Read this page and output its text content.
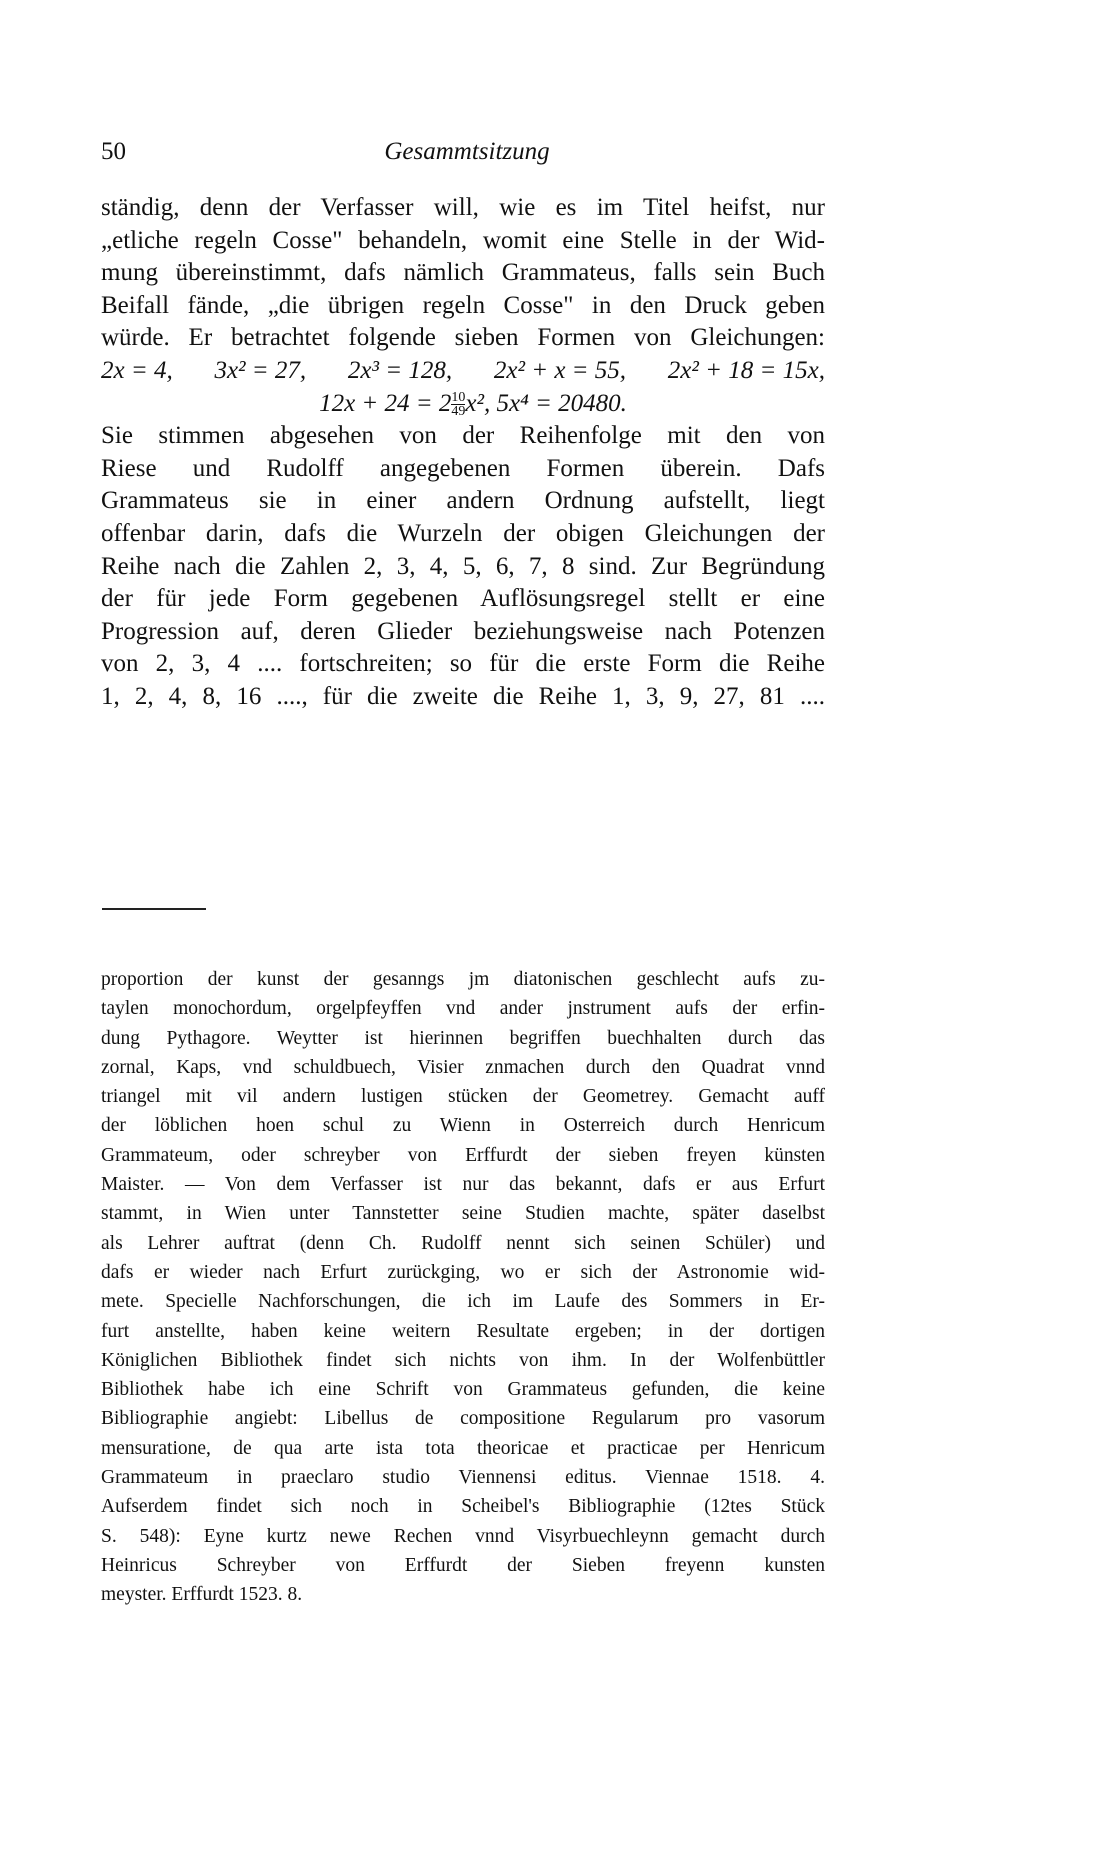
50	Gesammtsitzung
ständig, denn der Verfasser will, wie es im Titel heifst, nur
„etliche regeln Cosse" behandeln, womit eine Stelle in der Wid-
mung übereinstimmt, dafs nämlich Grammateus, falls sein Buch
Beifall fände, „die übrigen regeln Cosse" in den Druck geben
würde. Er betrachtet folgende sieben Formen von Gleichungen:
2x = 4, 3x² = 27, 2x³ = 128, 2x² + x = 55, 2x² + 18 = 15x,
$12x + 24 = 2 \frac{10}{49} x^2$, 5x⁴ = 20480.
Sie stimmen abgesehen von der Reihenfolge mit den von
Riese und Rudolff angegebenen Formen überein. Dafs
Grammateus sie in einer andern Ordnung aufstellt, liegt
offenbar darin, dafs die Wurzeln der obigen Gleichungen der
Reihe nach die Zahlen 2, 3, 4, 5, 6, 7, 8 sind. Zur Begründung
der für jede Form gegebenen Auflösungsregel stellt er eine
Progression auf, deren Glieder beziehungsweise nach Potenzen
von 2, 3, 4 .... fortschreiten; so für die erste Form die Reihe
1, 2, 4, 8, 16 ...., für die zweite die Reihe 1, 3, 9, 27, 81 ....
proportion der kunst der gesanngs jm diatonischen geschlecht aufs zu-
taylen monochordum, orgelpfeyffen vnd ander jnstrument aufs der erfin-
dung Pythagore. Weytter ist hierinnen begriffen buechhalten durch das
zornal, Kaps, vnd schuldbuech, Visier znmachen durch den Quadrat vnnd
triangel mit vil andern lustigen stücken der Geometrey. Gemacht auff
der löblichen hoen schul zu Wienn in Osterreich durch Henricum
Grammateum, oder schreyber von Erffurdt der sieben freyen künsten
Maister. — Von dem Verfasser ist nur das bekannt, dafs er aus Erfurt
stammt, in Wien unter Tannstetter seine Studien machte, später daselbst
als Lehrer auftrat (denn Ch. Rudolff nennt sich seinen Schüler) und
dafs er wieder nach Erfurt zurückging, wo er sich der Astronomie wid-
mete. Specielle Nachforschungen, die ich im Laufe des Sommers in Er-
furt anstellte, haben keine weitern Resultate ergeben; in der dortigen
Königlichen Bibliothek findet sich nichts von ihm. In der Wolfenbüttler
Bibliothek habe ich eine Schrift von Grammateus gefunden, die keine
Bibliographie angiebt: Libellus de compositione Regularum pro vasorum
mensuratione, de qua arte ista tota theoricae et practicae per Henricum
Grammateum in praeclaro studio Viennensi editus. Viennae 1518. 4.
Aufserdem findet sich noch in Scheibel's Bibliographie (12tes Stück
S. 548): Eyne kurtz newe Rechen vnnd Visyrbuechleynn gemacht durch
Heinricus Schreyber von Erffurdt der Sieben freyenn kunsten
meyster. Erffurdt 1523. 8.
